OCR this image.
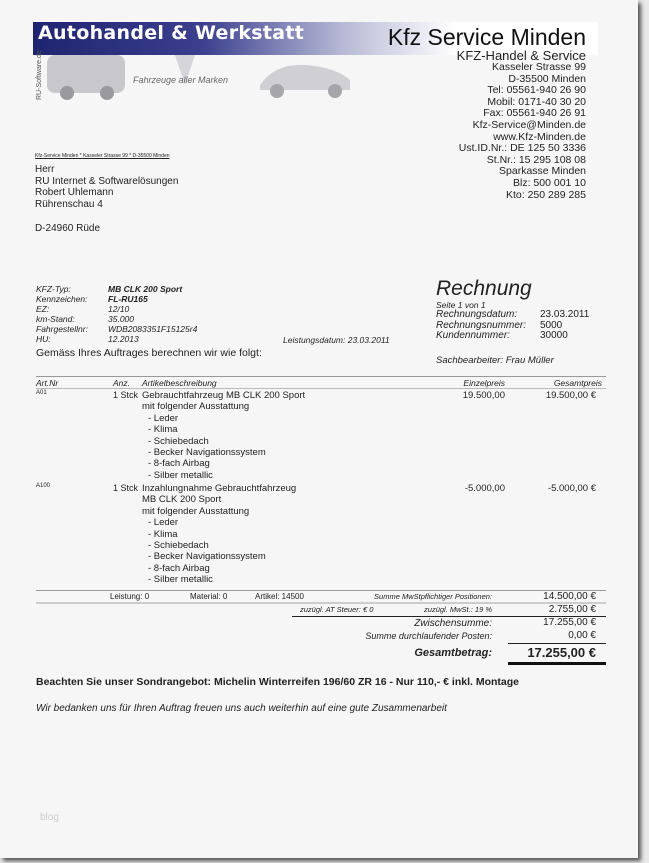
Autohandel & Werkstatt	Kfz Service Minden
Fahrzeuge aller Marken
RU-Software.de	KFZ-Handel & Service
Kasseler Strasse 99
D-35500 Minden
Tel: 05561-940 26 90
Mobil: 0171-40 30 20
Fax: 05561-940 26 91
Kfz-Service@Minden.de
www.Kfz-Minden.de
Ust.ID.Nr.: DE 125 50 3336
St.Nr.: 15 295 108 08
Sparkasse Minden
Blz: 500 001 10
Kto: 250 289 285
Kfz-Service Minden * Kasseler Strasse 99 * D-35500 Minden
Herr
RU Internet & Softwarelösungen
Robert Uhlemann
Rührenschau 4
D-24960 Rüde
KFZ-Typ:	MB CLK 200 Sport
Kennzeichen: FL-RU165
EZ:	12/10
km-Stand:	35.000
Fahrgestellnr: WDB2083351F15125r4
HU:	12.2013	Leistungsdatum: 23.03.2011
Gemäss Ihres Auftrages berechnen wir wie folgt:
Rechnung
Seite 1 von 1
Rechnungsdatum: 23.03.2011
Rechnungsnummer: 5000
Kundennummer:	30000
Sachbearbeiter: Frau Müller
Art.Nr	Anz. Artikelbeschreibung	Einzelpreis	Gesamtpreis
A01	1 Stck	19.500,00	19.500,00 €
Gebrauchtfahrzeug MB CLK 200 Sport
mit folgender Ausstattung
- Leder
- Klima
- Schiebedach
- Becker Navigationssystem
- 8-fach Airbag
- Silber metallic
A100	1 Stck	-5.000,00	-5.000,00 €
Inzahlungnahme Gebrauchtfahrzeug
MB CLK 200 Sport
mit folgender Ausstattung
- Leder
- Klima
- Schiebedach
- Becker Navigationssystem
- 8-fach Airbag
- Silber metallic
Leistung: 0	Material: 0	Artikel: 14500	Summe MwStpflichtiger Positionen:	14.500,00 €
zuzügl. AT Steuer: € 0	zuzügl. MwSt.: 19 %	2.755,00 €
Zwischensumme:	17.255,00 €
Summe durchlaufender Posten:	0,00 €
Gesamtbetrag:	17.255,00 €
Beachten Sie unser Sondrangebot: Michelin Winterreifen 196/60 ZR 16 - Nur 110,- € inkl. Montage
Wir bedanken uns für Ihren Auftrag freuen uns auch weiterhin auf eine gute Zusammenarbeit
blog
